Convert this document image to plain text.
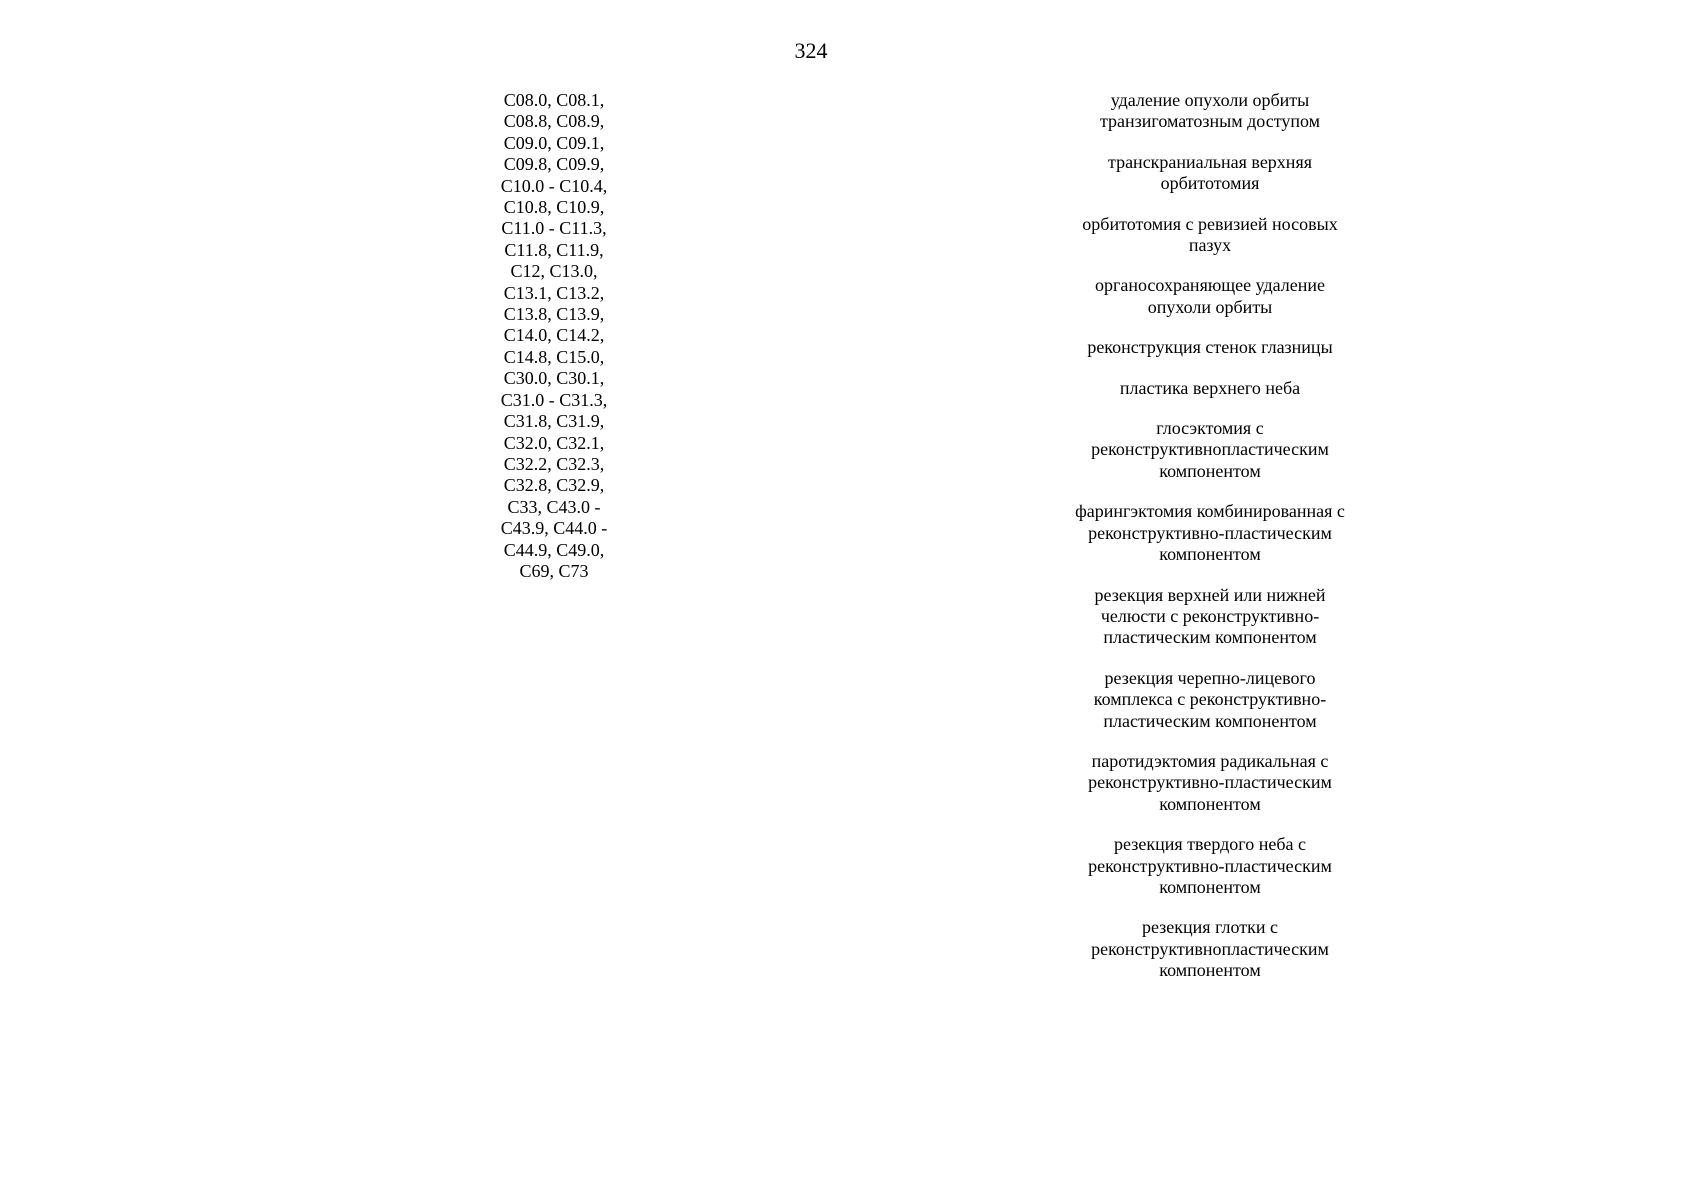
324
C08.0, C08.1,
C08.8, C08.9,
C09.0, C09.1,
C09.8, C09.9,
C10.0 - C10.4,
C10.8, C10.9,
C11.0 - C11.3,
C11.8, C11.9,
C12, C13.0,
C13.1, C13.2,
C13.8, C13.9,
C14.0, C14.2,
C14.8, C15.0,
C30.0, C30.1,
C31.0 - C31.3,
C31.8, C31.9,
C32.0, C32.1,
C32.2, C32.3,
C32.8, C32.9,
C33, C43.0 -
C43.9, C44.0 -
C44.9, C49.0,
C69, C73
удаление опухоли орбиты
транзигоматозным доступом
транскраниальная верхняя
орбитотомия
орбитотомия с ревизией носовых
пазух
органосохраняющее удаление
опухоли орбиты
реконструкция стенок глазницы
пластика верхнего неба
глосэктомия с
реконструктивнопластическим
компонентом
фарингэктомия комбинированная с
реконструктивно-пластическим
компонентом
резекция верхней или нижней
челюсти с реконструктивно-
пластическим компонентом
резекция черепно-лицевого
комплекса с реконструктивно-
пластическим компонентом
паротидэктомия радикальная с
реконструктивно-пластическим
компонентом
резекция твердого неба с
реконструктивно-пластическим
компонентом
резекция глотки с
реконструктивнопластическим
компонентом
